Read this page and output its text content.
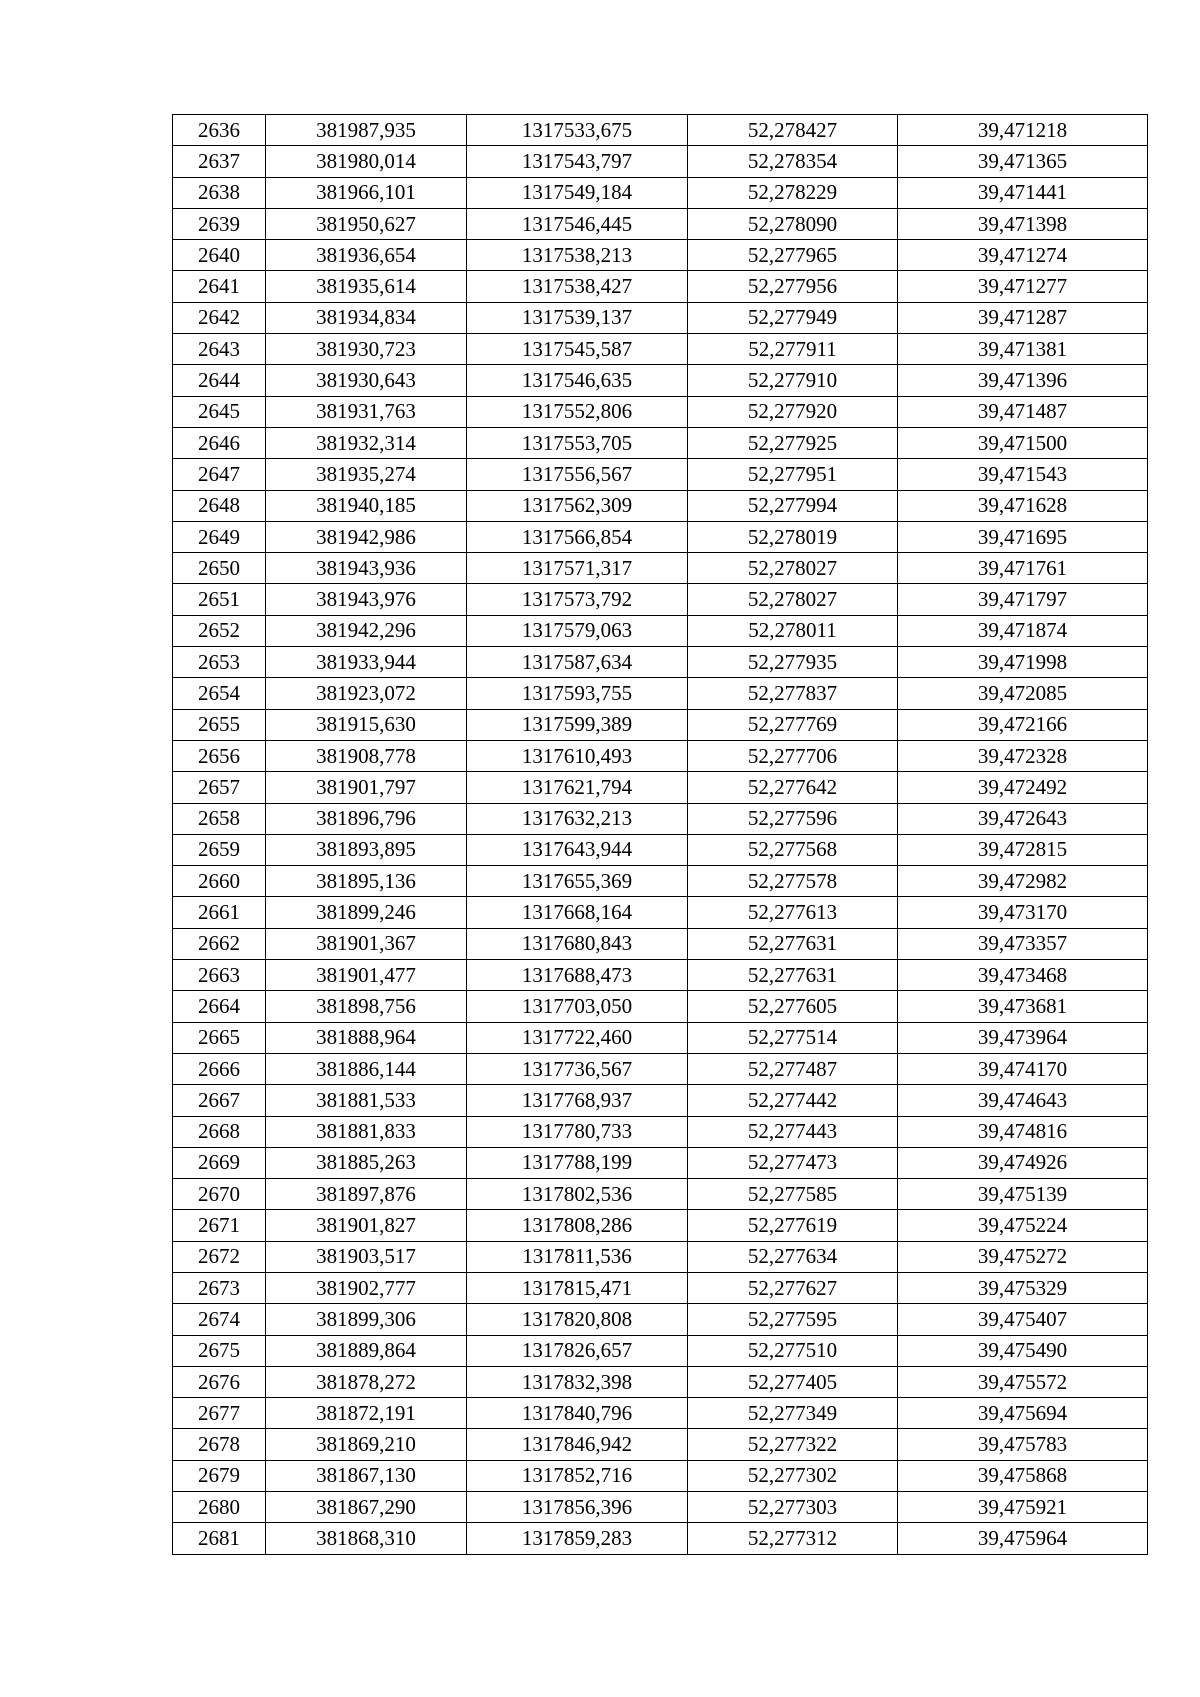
2636	381987,935	1317533,675	52,278427	39,471218
2637	381980,014	1317543,797	52,278354	39,471365
2638	381966,101	1317549,184	52,278229	39,471441
2639	381950,627	1317546,445	52,278090	39,471398
2640	381936,654	1317538,213	52,277965	39,471274
2641	381935,614	1317538,427	52,277956	39,471277
2642	381934,834	1317539,137	52,277949	39,471287
2643	381930,723	1317545,587	52,277911	39,471381
2644	381930,643	1317546,635	52,277910	39,471396
2645	381931,763	1317552,806	52,277920	39,471487
2646	381932,314	1317553,705	52,277925	39,471500
2647	381935,274	1317556,567	52,277951	39,471543
2648	381940,185	1317562,309	52,277994	39,471628
2649	381942,986	1317566,854	52,278019	39,471695
2650	381943,936	1317571,317	52,278027	39,471761
2651	381943,976	1317573,792	52,278027	39,471797
2652	381942,296	1317579,063	52,278011	39,471874
2653	381933,944	1317587,634	52,277935	39,471998
2654	381923,072	1317593,755	52,277837	39,472085
2655	381915,630	1317599,389	52,277769	39,472166
2656	381908,778	1317610,493	52,277706	39,472328
2657	381901,797	1317621,794	52,277642	39,472492
2658	381896,796	1317632,213	52,277596	39,472643
2659	381893,895	1317643,944	52,277568	39,472815
2660	381895,136	1317655,369	52,277578	39,472982
2661	381899,246	1317668,164	52,277613	39,473170
2662	381901,367	1317680,843	52,277631	39,473357
2663	381901,477	1317688,473	52,277631	39,473468
2664	381898,756	1317703,050	52,277605	39,473681
2665	381888,964	1317722,460	52,277514	39,473964
2666	381886,144	1317736,567	52,277487	39,474170
2667	381881,533	1317768,937	52,277442	39,474643
2668	381881,833	1317780,733	52,277443	39,474816
2669	381885,263	1317788,199	52,277473	39,474926
2670	381897,876	1317802,536	52,277585	39,475139
2671	381901,827	1317808,286	52,277619	39,475224
2672	381903,517	1317811,536	52,277634	39,475272
2673	381902,777	1317815,471	52,277627	39,475329
2674	381899,306	1317820,808	52,277595	39,475407
2675	381889,864	1317826,657	52,277510	39,475490
2676	381878,272	1317832,398	52,277405	39,475572
2677	381872,191	1317840,796	52,277349	39,475694
2678	381869,210	1317846,942	52,277322	39,475783
2679	381867,130	1317852,716	52,277302	39,475868
2680	381867,290	1317856,396	52,277303	39,475921
2681	381868,310	1317859,283	52,277312	39,475964
